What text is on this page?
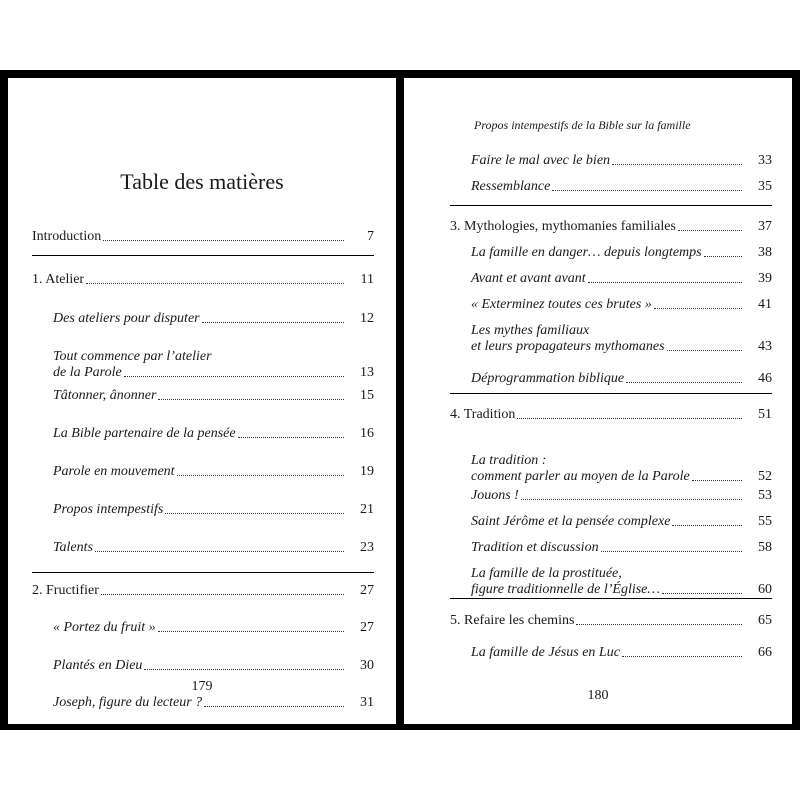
Table des matières
Introduction	7
1. Atelier	11
Des ateliers pour disputer	12
Tout commence par l’atelier
de la Parole	13
Tâtonner, ânonner	15
La Bible partenaire de la pensée	16
Parole en mouvement	19
Propos intempestifs	21
Talents	23
2. Fructifier	27
« Portez du fruit »	27
Plantés en Dieu	30
Joseph, figure du lecteur ?	31
179
Propos intempestifs de la Bible sur la famille
Faire le mal avec le bien	33
Ressemblance	35
3. Mythologies, mythomanies familiales	37
La famille en danger… depuis longtemps	38
Avant et avant avant	39
« Exterminez toutes ces brutes »	41
Les mythes familiaux
et leurs propagateurs mythomanes	43
Déprogrammation biblique	46
4. Tradition	51
La tradition :
comment parler au moyen de la Parole	52
Jouons !	53
Saint Jérôme et la pensée complexe	55
Tradition et discussion	58
La famille de la prostituée,
figure traditionnelle de l’Église…	60
5. Refaire les chemins	65
La famille de Jésus en Luc	66
180
